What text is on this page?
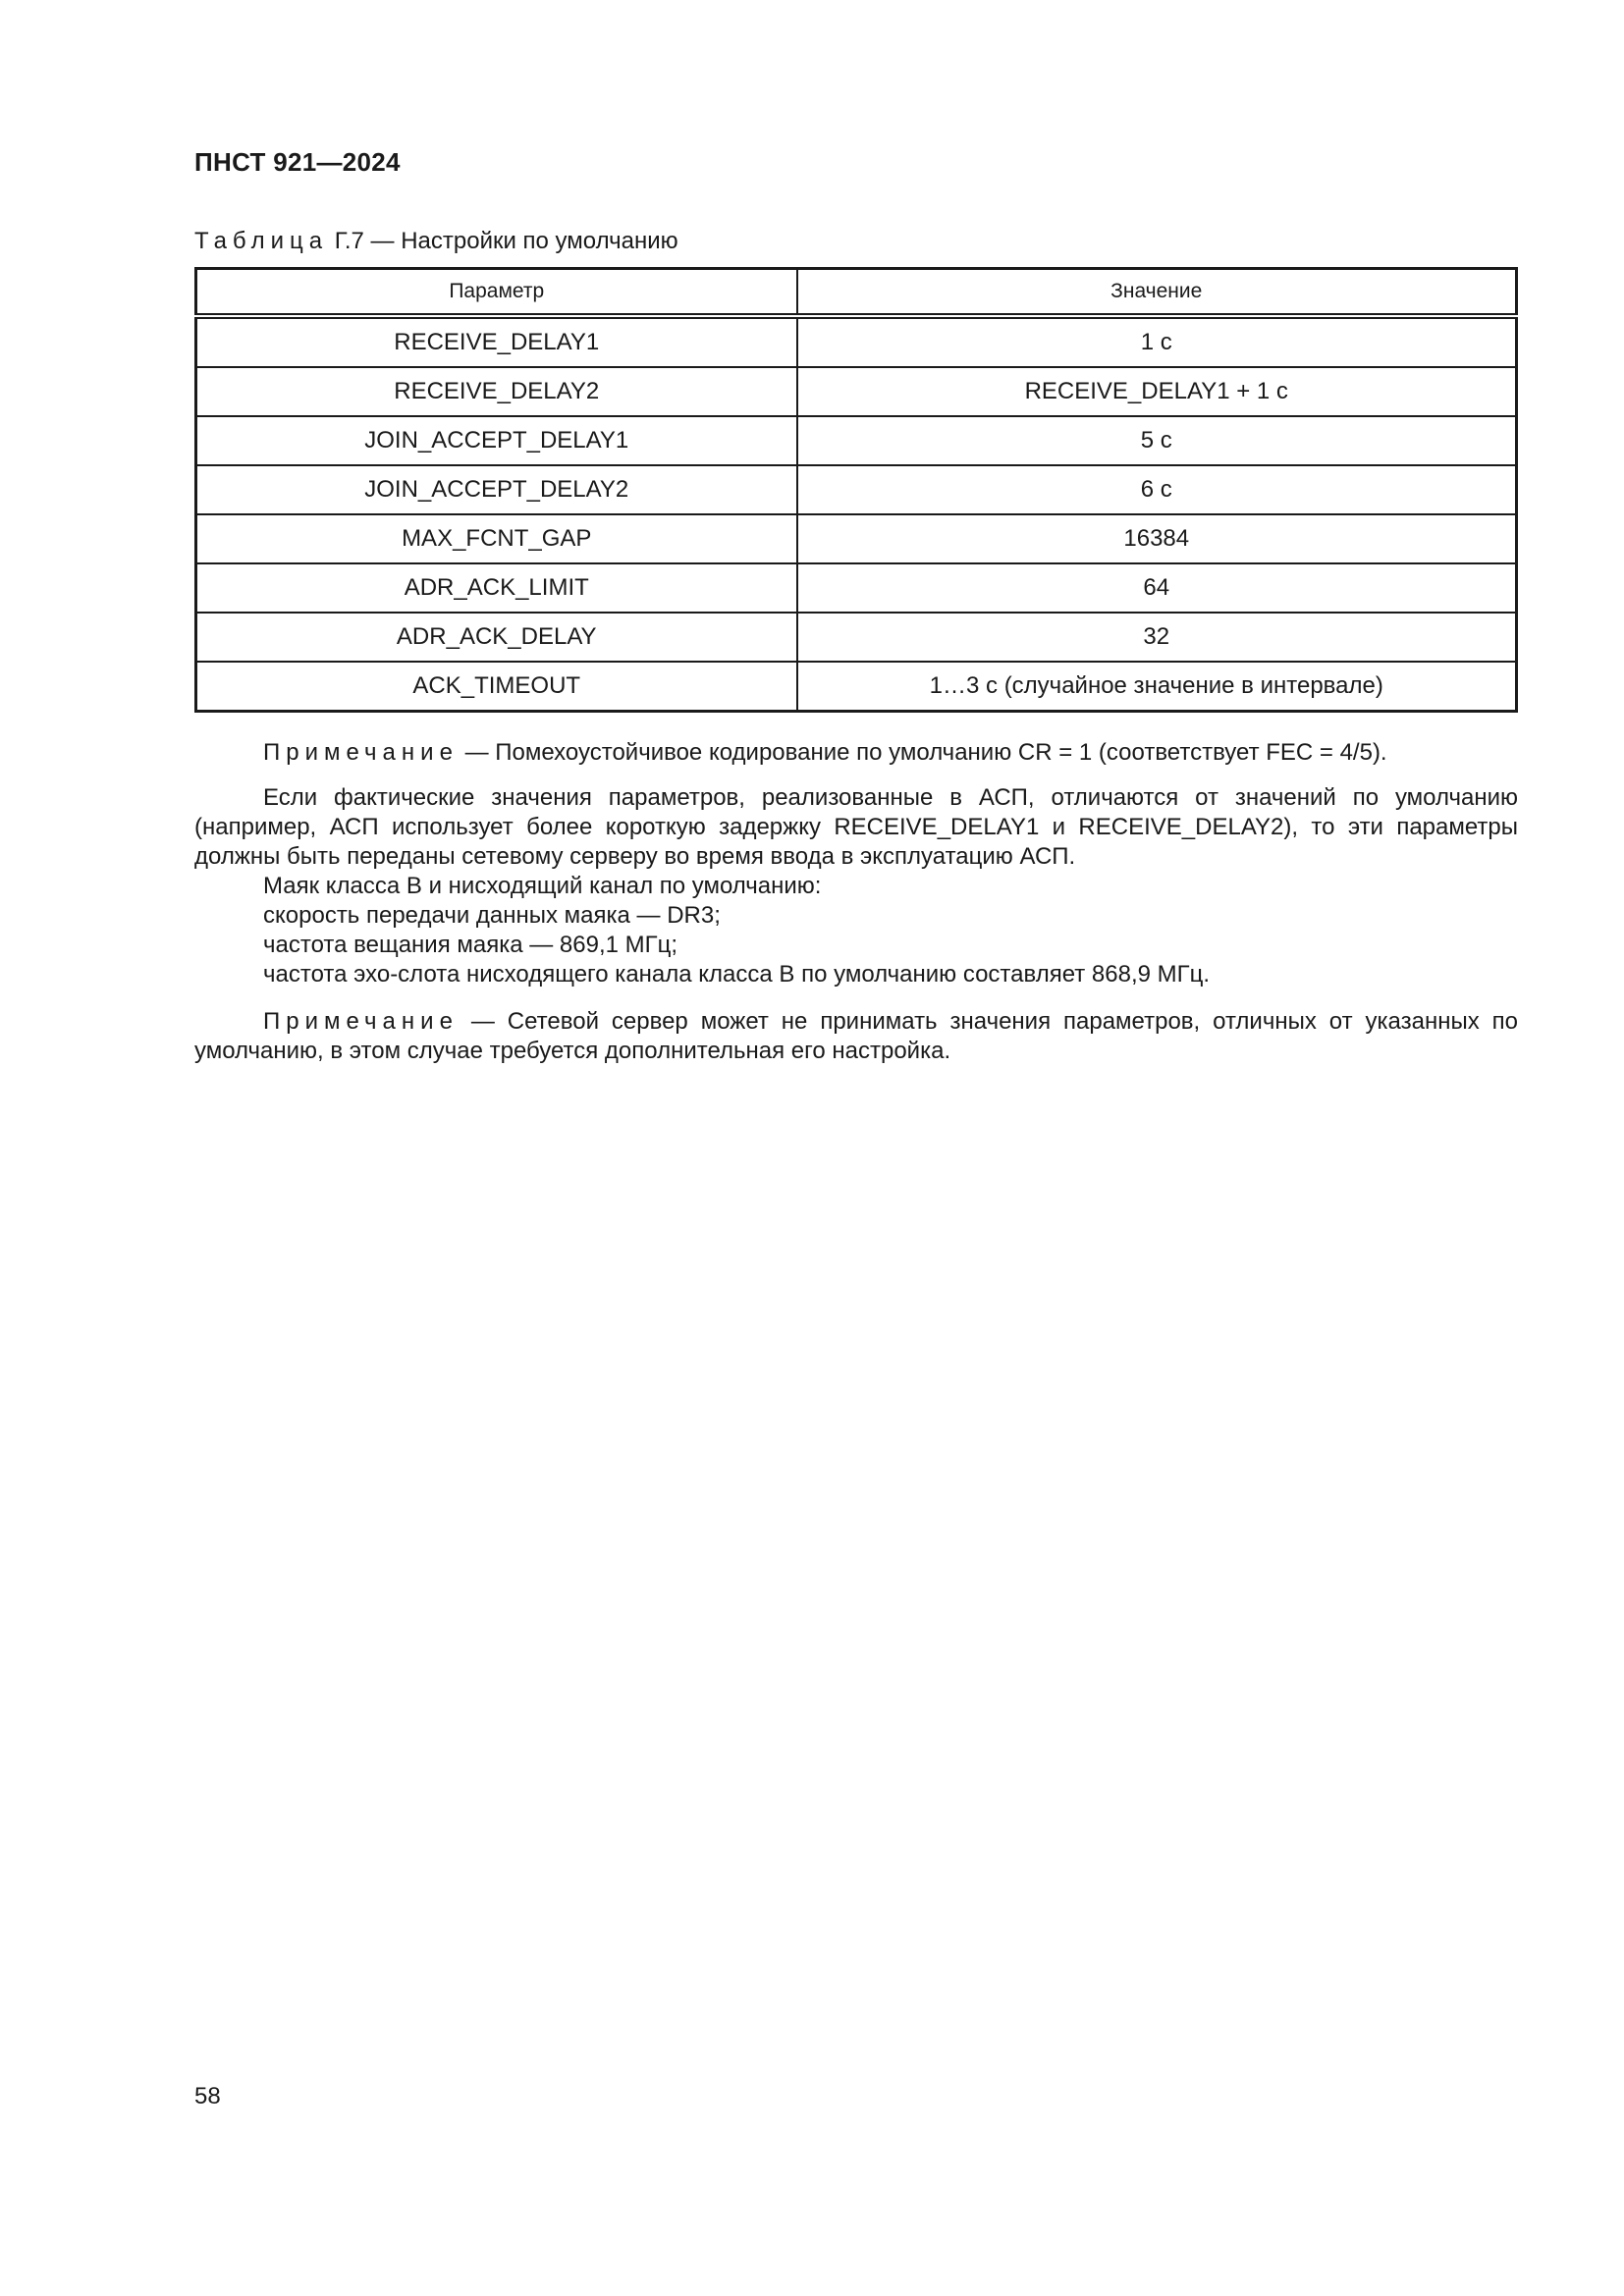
ПНСТ 921—2024
Таблица Г.7 — Настройки по умолчанию
Параметр	Значение
RECEIVE_DELAY1	1 с
RECEIVE_DELAY2	RECEIVE_DELAY1 + 1 с
JOIN_ACCEPT_DELAY1	5 с
JOIN_ACCEPT_DELAY2	6 с
MAX_FCNT_GAP	16384
ADR_ACK_LIMIT	64
ADR_ACK_DELAY	32
ACK_TIMEOUT	1…3 с (случайное значение в интервале)
Примечание — Помехоустойчивое кодирование по умолчанию CR = 1 (соответствует FEC = 4/5).
Если фактические значения параметров, реализованные в АСП, отличаются от значений по умолчанию (например, АСП использует более короткую задержку RECEIVE_DELAY1 и RECEIVE_DELAY2), то эти параметры должны быть переданы сетевому серверу во время ввода в эксплуатацию АСП.
Маяк класса В и нисходящий канал по умолчанию:
скорость передачи данных маяка — DR3;
частота вещания маяка — 869,1 МГц;
частота эхо-слота нисходящего канала класса В по умолчанию составляет 868,9 МГц.
Примечание — Сетевой сервер может не принимать значения параметров, отличных от указанных по умолчанию, в этом случае требуется дополнительная его настройка.
58
